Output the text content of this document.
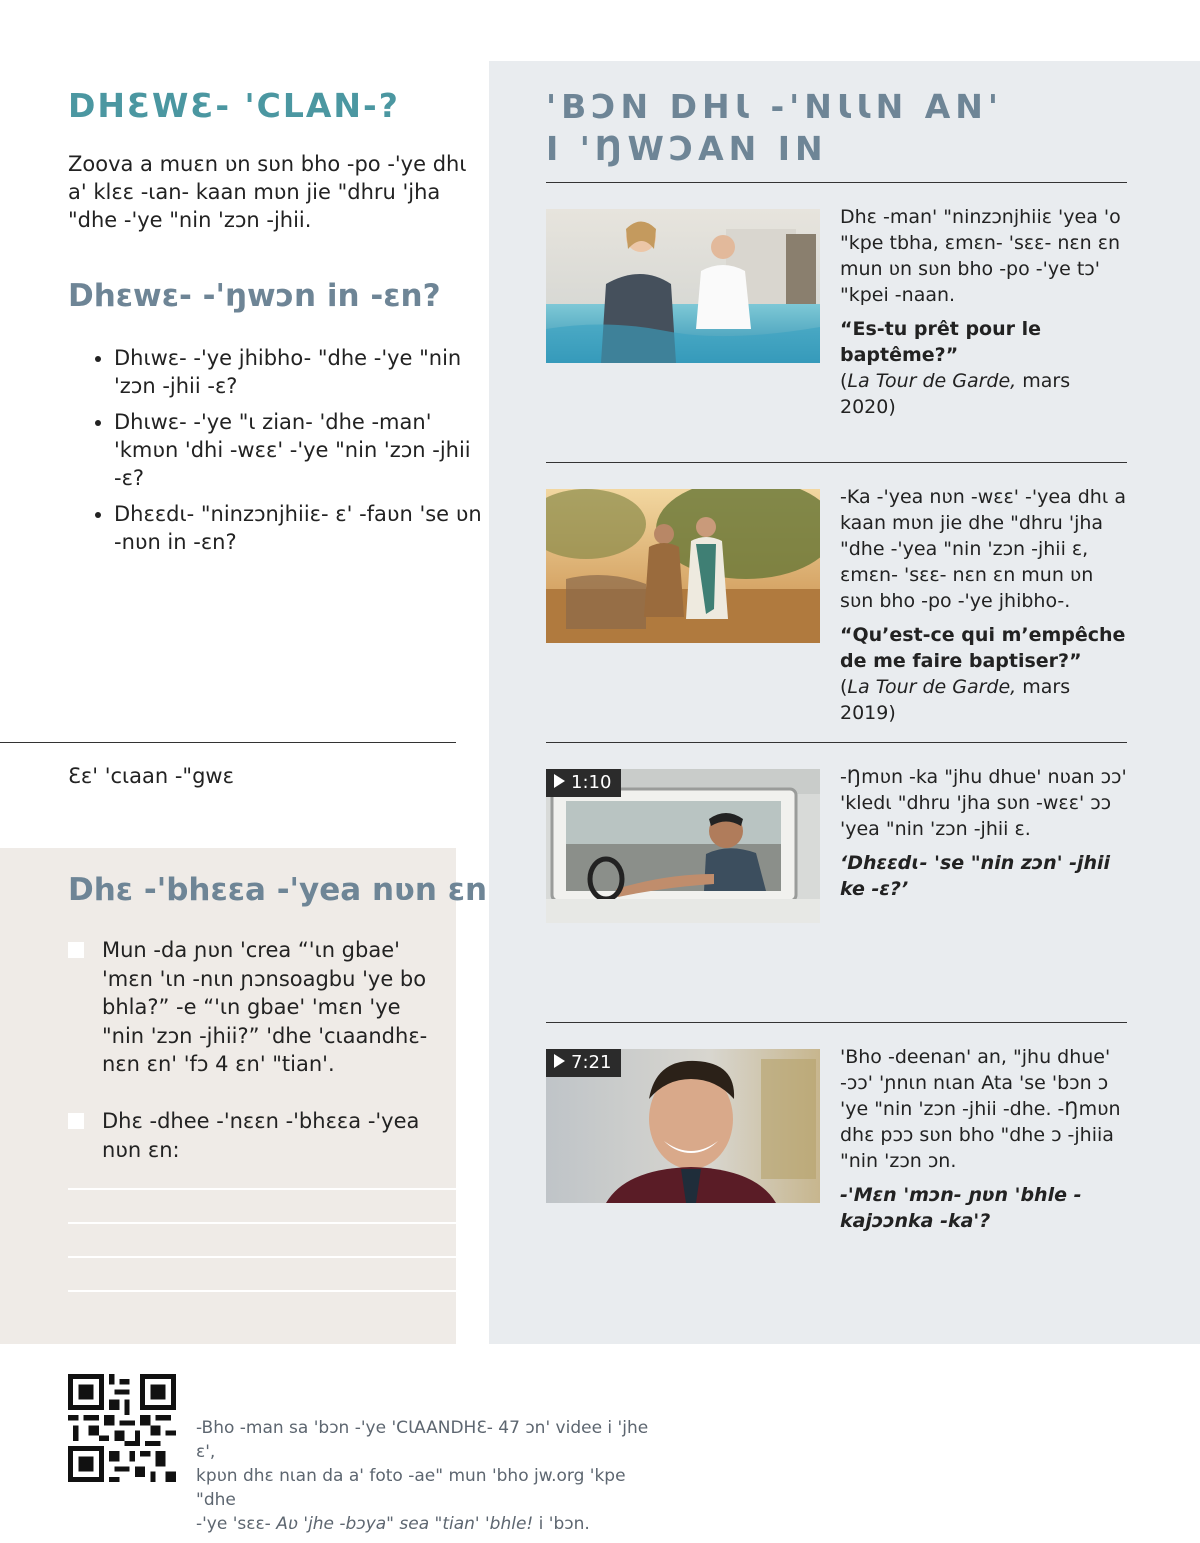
DHƐWƐ- 'CLAN-?

Zoova a muɛn ʋn sʋn bho -po -'ye dhɩ a' klɛɛ -ɩan- kaan mʋn jie "dhru 'jha "dhe -'ye "nin 'zɔn -jhii.

Dhɛwɛ- -'ŋwɔn in -ɛn?
• Dhɩwɛ- -'ye jhibho- "dhe -'ye "nin 'zɔn -jhii -ɛ?
• Dhɩwɛ- -'ye "ɩ zian- 'dhe -man' 'kmʋn 'dhi -wɛɛ' -'ye "nin 'zɔn -jhii -ɛ?
• Dhɛɛdɩ- "ninzɔnjhiiɛ- ɛ' -faʋn 'se ʋn -nʋn in -ɛn?
Ɛɛ' 'cɩaan -"gwɛ
Dhɛ -'bhɛɛa -'yea nʋn ɛn
Mun -da ɲʋn 'crea “'ɩn gbae' 'mɛn 'ɩn -nɩn ɲɔnsoagbu 'ye bo bhla?” -e “'ɩn gbae' 'mɛn 'ye "nin 'zɔn -jhii?” 'dhe 'cɩaandhɛ- nɛn ɛn' 'fɔ 4 ɛn' "tian'.
Dhɛ -dhee -'nɛɛn -'bhɛɛa -'yea nʋn ɛn:
'BƆN DHƖ -'NƖƖN AN'
I 'ŊWƆAN IN

Dhɛ -man' "ninzɔnjhiiɛ 'yea 'o "kpe tbha, ɛmɛn- 'sɛɛ- nɛn ɛn mun ʋn sʋn bho -po -'ye tɔ' "kpei -naan.

“Es-tu prêt pour le baptême?”

(La Tour de Garde, mars 2020)

-Ka -'yea nʋn -wɛɛ' -'yea dhɩ a kaan mʋn jie dhe "dhru 'jha "dhe -'yea "nin 'zɔn -jhii ɛ, ɛmɛn- 'sɛɛ- nɛn ɛn mun ʋn sʋn bho -po -'ye jhibho-.

“Qu’est-ce qui m’empêche de me faire baptiser?”

(La Tour de Garde, mars 2019)

1:10	-Ŋmʋn -ka "jhu dhue' nʋan ɔɔ' 'kledɩ "dhru 'jha sʋn -wɛɛ' ɔɔ 'yea "nin 'zɔn -jhii ɛ.

‘Dhɛɛdɩ- 'se "nin zɔn' -jhii ke -ɛ?’

7:21	'Bho -deenan' an, "jhu dhue' -ɔɔ' 'ɲnɩn nɩan Ata 'se 'bɔn ɔ 'ye "nin 'zɔn -jhii -dhe. -Ŋmʋn dhɛ pɔɔ sʋn bho "dhe ɔ -jhiia "nin 'zɔn ɔn.

-'Mɛn 'mɔn- ɲʋn 'bhle -kajɔɔnka -ka'?

-Bho -man sa 'bɔn -'ye 'CƖAANDHƐ- 47 ɔn' videe i 'jhe ɛ',
kpʋn dhɛ nɩan da a' foto -ae" mun 'bho jw.org 'kpe "dhe
-'ye 'sɛɛ- Aʋ 'jhe -bɔya" sea "tian' 'bhle! i 'bɔn.
